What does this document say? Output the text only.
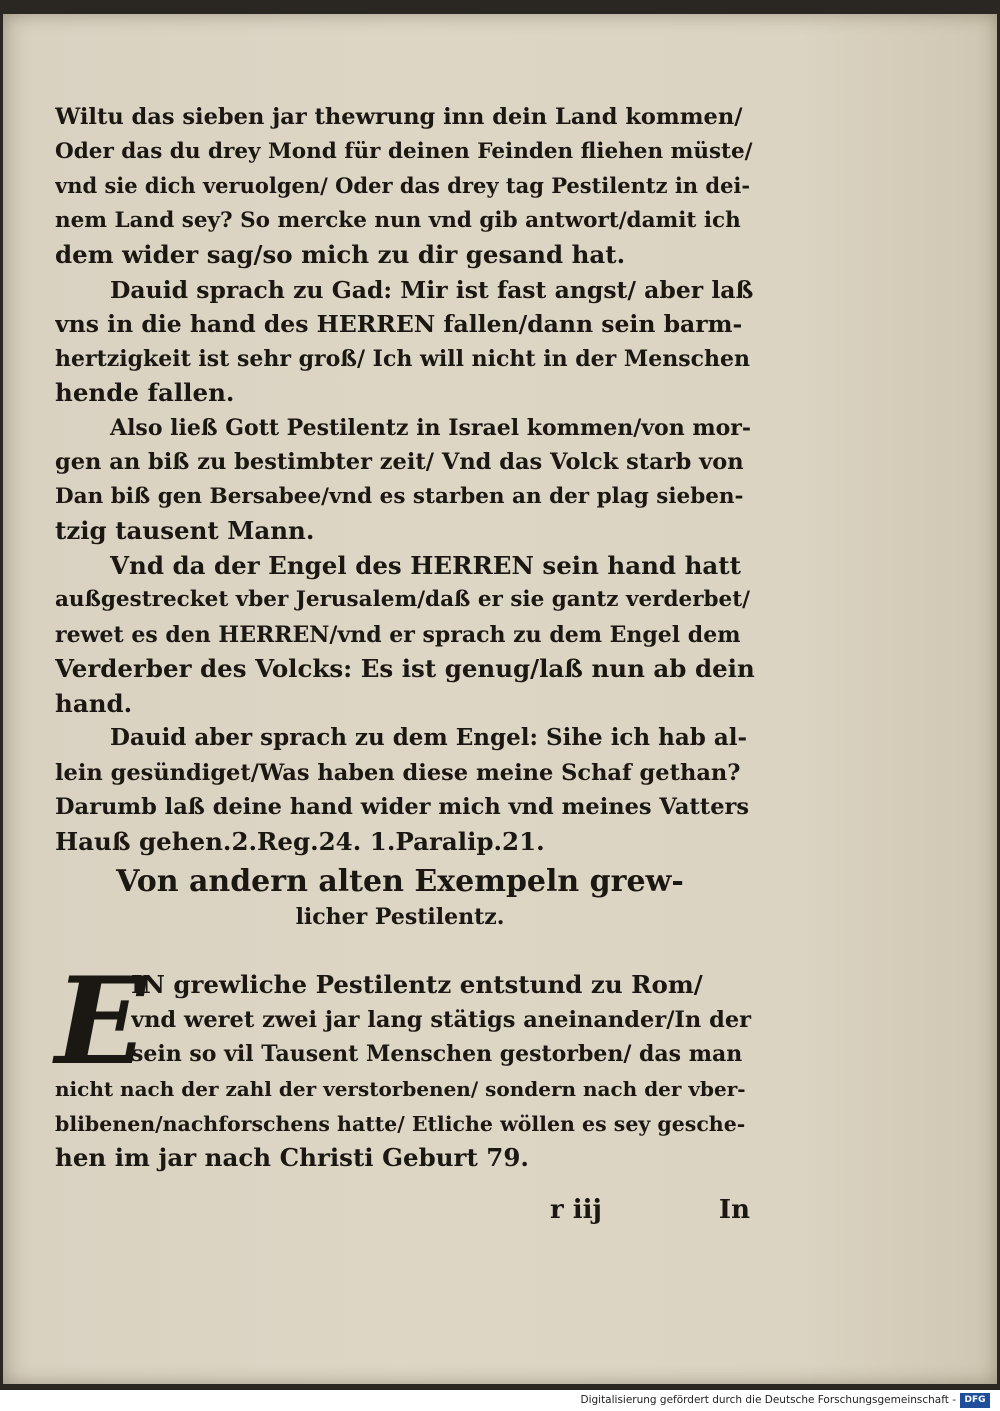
Wiltu das sieben jar thewrung inn dein Land kommen/
Oder das du drey Mond für deinen Feinden fliehen müste/
vnd sie dich veruolgen/ Oder das drey tag Pestilentz in dei-
nem Land sey? So mercke nun vnd gib antwort/damit ich
dem wider sag/so mich zu dir gesand hat.
Dauid sprach zu Gad: Mir ist fast angst/ aber laß
vns in die hand des HERREN fallen/dann sein barm-
hertzigkeit ist sehr groß/ Ich will nicht in der Menschen
hende fallen.
Also ließ Gott Pestilentz in Israel kommen/von mor-
gen an biß zu bestimbter zeit/ Vnd das Volck starb von
Dan biß gen Bersabee/vnd es starben an der plag sieben-
tzig tausent Mann.
Vnd da der Engel des HERREN sein hand hatt
außgestrecket vber Jerusalem/daß er sie gantz verderbet/
rewet es den HERREN/vnd er sprach zu dem Engel dem
Verderber des Volcks: Es ist genug/laß nun ab dein
hand.
Dauid aber sprach zu dem Engel: Sihe ich hab al-
lein gesündiget/Was haben diese meine Schaf gethan?
Darumb laß deine hand wider mich vnd meines Vatters
Hauß gehen.2.Reg.24. 1.Paralip.21.
Von andern alten Exempeln grew-
licher Pestilentz.
E
IN grewliche Pestilentz entstund zu Rom/
vnd weret zwei jar lang stätigs aneinander/In der
sein so vil Tausent Menschen gestorben/ das man
nicht nach der zahl der verstorbenen/ sondern nach der vber-
blibenen/nachforschens hatte/ Etliche wöllen es sey gesche-
hen im jar nach Christi Geburt 79.
r iij	In
Digitalisierung gefördert durch die Deutsche Forschungsgemeinschaft - DFG
